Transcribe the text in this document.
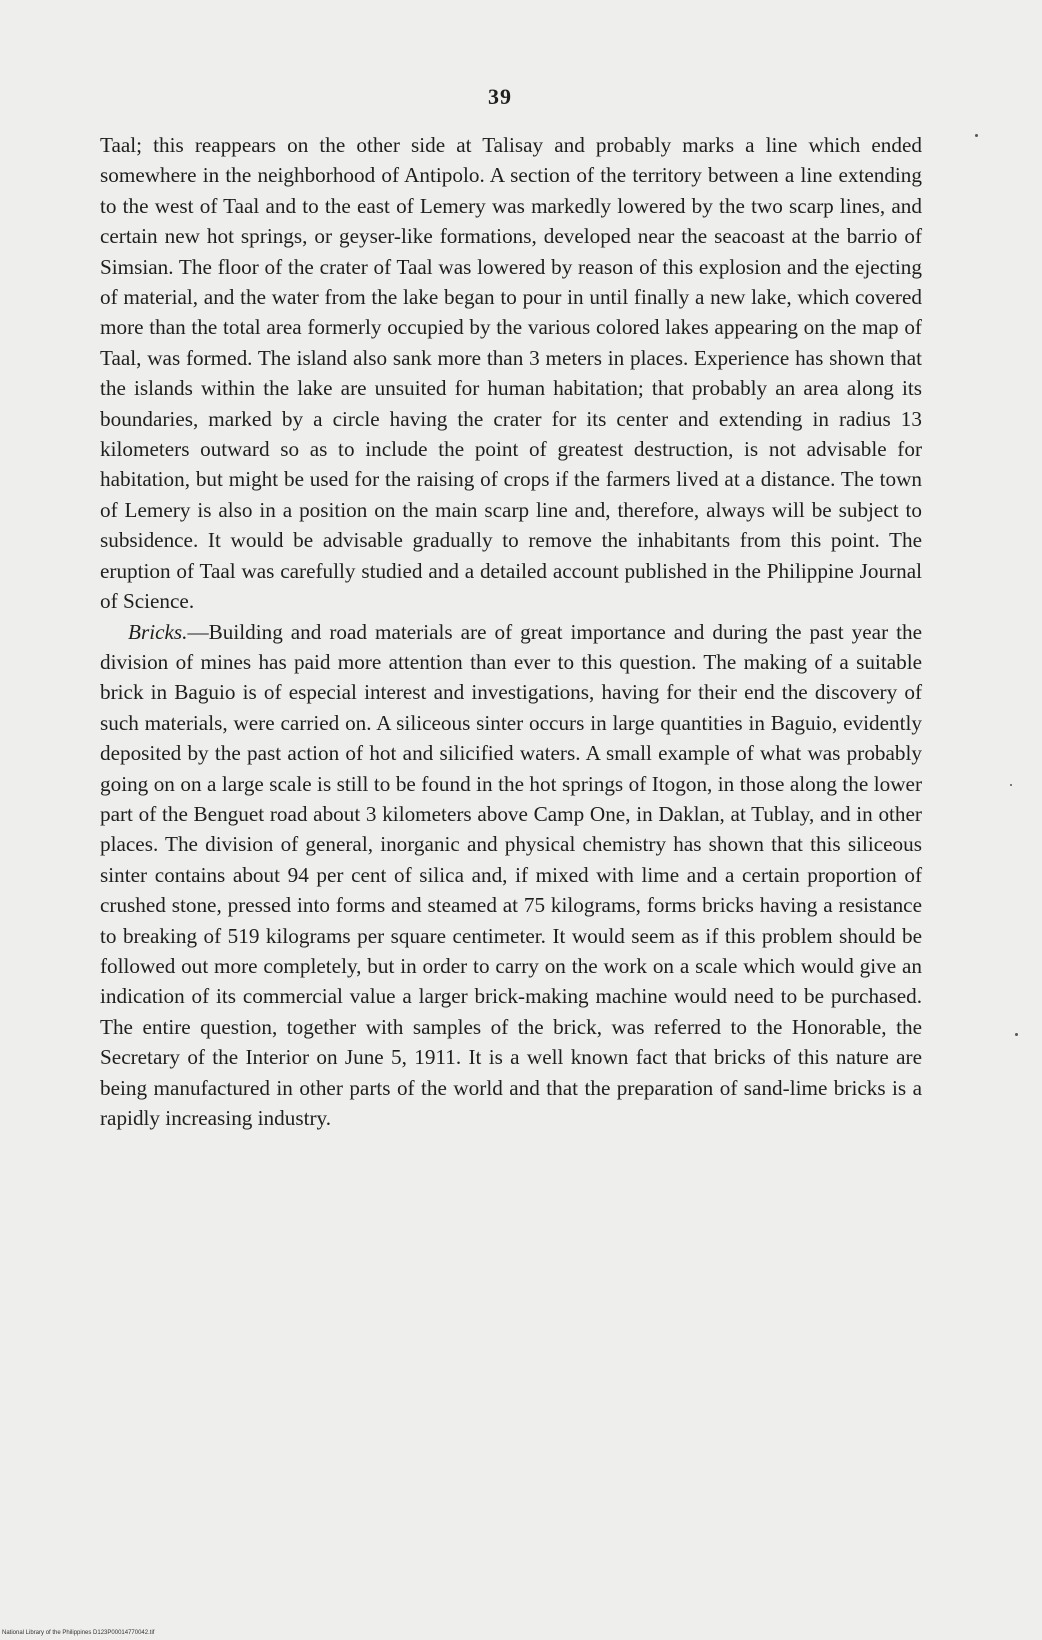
39

Taal; this reappears on the other side at Talisay and probably marks a line which ended somewhere in the neighborhood of Antipolo. A section of the territory between a line extending to the west of Taal and to the east of Lemery was markedly lowered by the two scarp lines, and certain new hot springs, or geyser-like formations, developed near the seacoast at the barrio of Simsian. The floor of the crater of Taal was lowered by reason of this explosion and the ejecting of material, and the water from the lake began to pour in until finally a new lake, which covered more than the total area formerly occupied by the various colored lakes appearing on the map of Taal, was formed. The island also sank more than 3 meters in places. Experience has shown that the islands within the lake are unsuited for human habitation; that probably an area along its boundaries, marked by a circle having the crater for its center and extending in radius 13 kilometers outward so as to include the point of greatest destruction, is not advisable for habitation, but might be used for the raising of crops if the farmers lived at a distance. The town of Lemery is also in a position on the main scarp line and, therefore, always will be subject to subsidence. It would be advisable gradually to remove the inhabitants from this point. The eruption of Taal was carefully studied and a detailed account published in the Philippine Journal of Science.

Bricks.—Building and road materials are of great importance and during the past year the division of mines has paid more attention than ever to this question. The making of a suitable brick in Baguio is of especial interest and investigations, having for their end the discovery of such materials, were carried on. A siliceous sinter occurs in large quantities in Baguio, evidently deposited by the past action of hot and silicified waters. A small example of what was probably going on on a large scale is still to be found in the hot springs of Itogon, in those along the lower part of the Benguet road about 3 kilometers above Camp One, in Daklan, at Tublay, and in other places. The division of general, inorganic and physical chemistry has shown that this siliceous sinter contains about 94 per cent of silica and, if mixed with lime and a certain proportion of crushed stone, pressed into forms and steamed at 75 kilograms, forms bricks having a resistance to breaking of 519 kilograms per square centimeter. It would seem as if this problem should be followed out more completely, but in order to carry on the work on a scale which would give an indication of its commercial value a larger brick-making machine would need to be purchased. The entire question, together with samples of the brick, was referred to the Honorable, the Secretary of the Interior on June 5, 1911. It is a well known fact that bricks of this nature are being manufactured in other parts of the world and that the preparation of sand-lime bricks is a rapidly increasing industry.

National Library of the Philippines D123P00014770042.tif
